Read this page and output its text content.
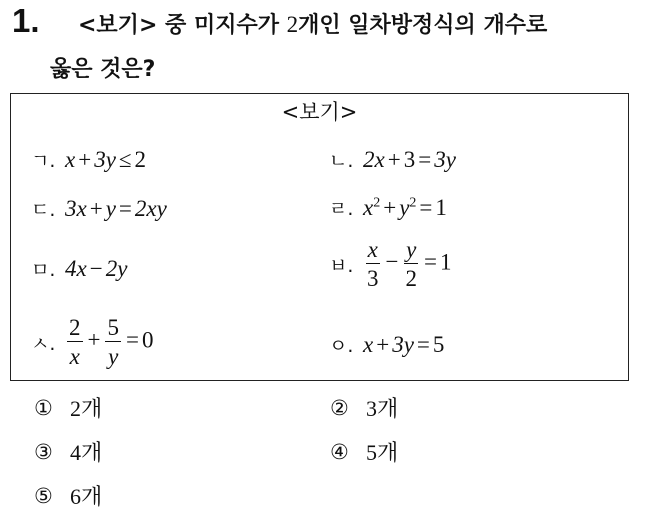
1. <보기> 중 미지수가 2개인 일차방정식의 개수로
옳은 것은?
<보기>
ㄱ. x + 3y ≤ 2	ㄴ. 2x + 3 = 3y
ㄷ. 3x + y = 2xy	ㄹ. $x^2 + y^2 = 1$
ㅁ. 4x − 2y	ㅂ. $\frac{x}{3} - \frac{y}{2} = 1$
ㅅ. $\frac{2}{x} + \frac{5}{y} = 0$	ㅇ. x + 3y = 5
① 2개	② 3개
③ 4개	④ 5개
⑤ 6개
